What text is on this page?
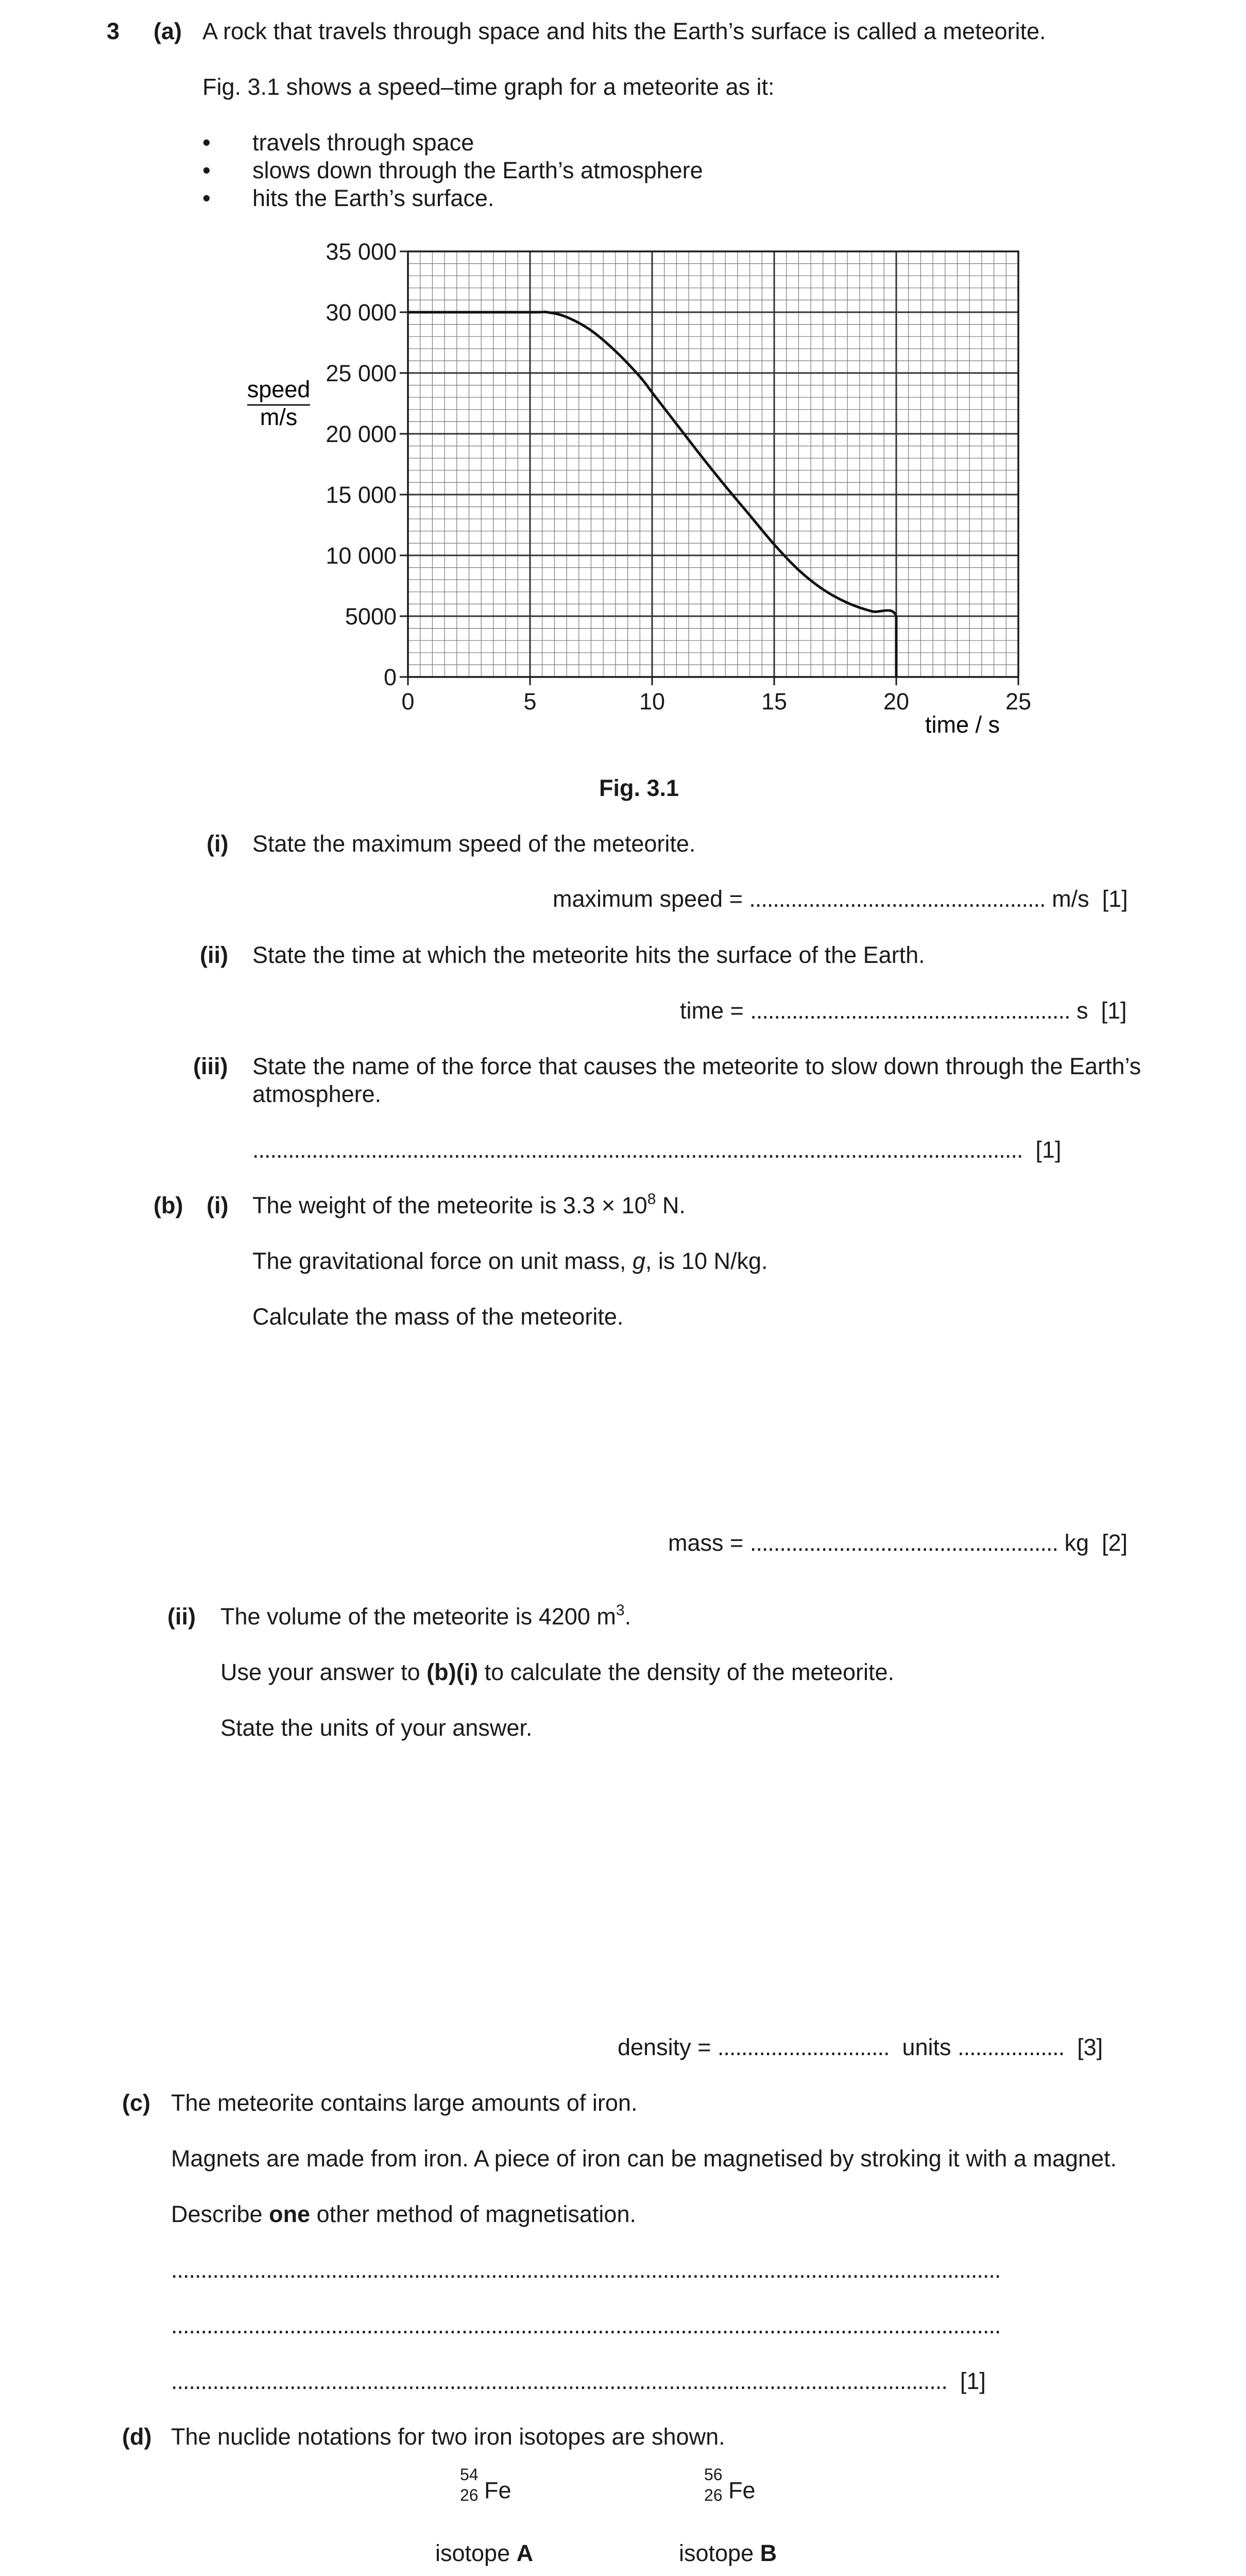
3 (a) A rock that travels through space and hits the Earth’s surface is called a meteorite.
Fig. 3.1 shows a speed–time graph for a meteorite as it:
• travels through space
• slows down through the Earth’s atmosphere
• hits the Earth’s surface.
0	5	10	15	20	25
0
5000
10 000
15 000
20 000
25 000
30 000
35 000
speed
m/s
time / s
Fig. 3.1
(i) State the maximum speed of the meteorite.
maximum speed = .................................................. m/s [1]
(ii) State the time at which the meteorite hits the surface of the Earth.
time = ...................................................... s [1]
(iii) State the name of the force that causes the meteorite to slow down through the Earth’s
atmosphere.
.................................................................................................................................. [1]
(b) (i) The weight of the meteorite is $3.3 \times 10^8$ N.
The gravitational force on unit mass, g, is 10 N/kg.
Calculate the mass of the meteorite.
mass = .................................................... kg [2]
(ii) The volume of the meteorite is 4200 $m^3$.
Use your answer to (b)(i) to calculate the density of the meteorite.
State the units of your answer.
density = ............................. units .................. [3]
(c) The meteorite contains large amounts of iron.
Magnets are made from iron. A piece of iron can be magnetised by stroking it with a magnet.
Describe one other method of magnetisation.
............................................................................................................................................
............................................................................................................................................
................................................................................................................................... [1]
(d) The nuclide notations for two iron isotopes are shown.
54
26 Fe
56
26 Fe
isotope A	isotope B
